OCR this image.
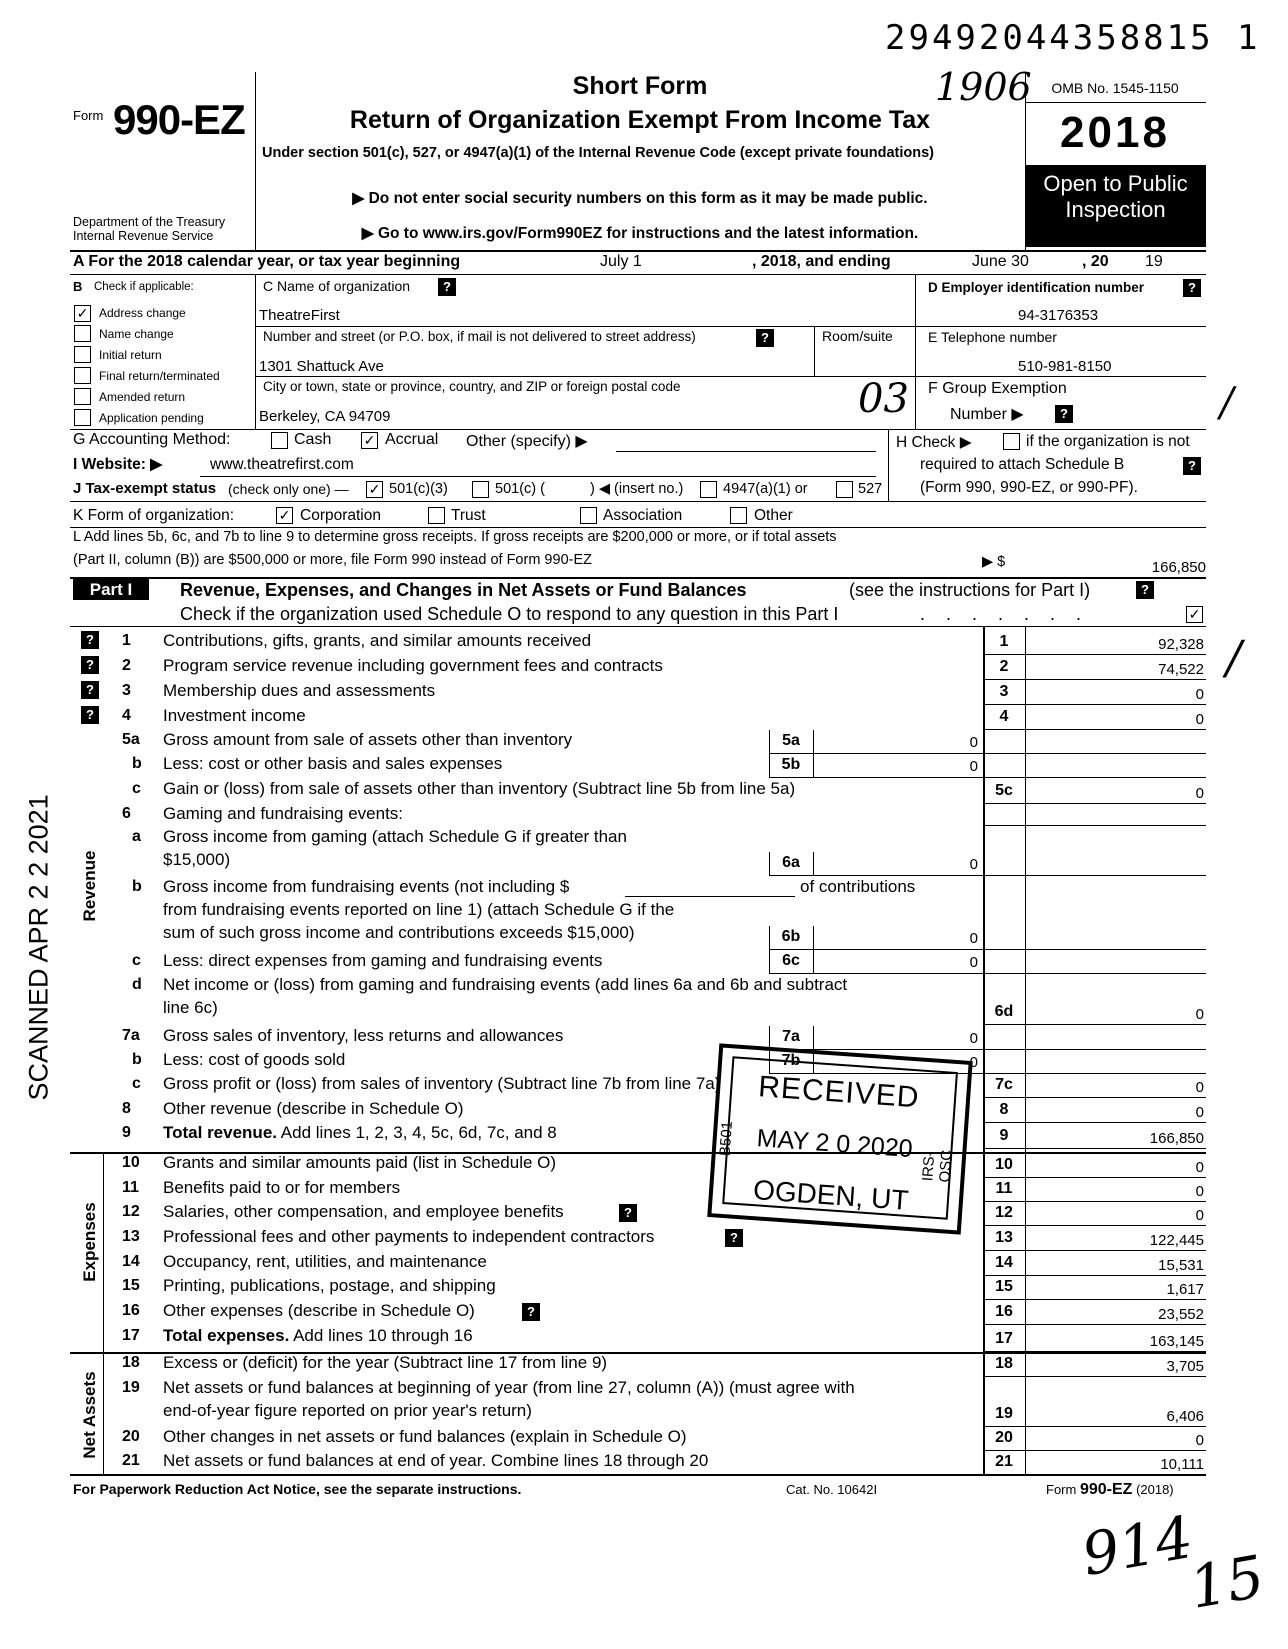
29492044358815 1
1906
Form 990-EZ
Department of the Treasury
Internal Revenue Service
Short Form
Return of Organization Exempt From Income Tax
Under section 501(c), 527, or 4947(a)(1) of the Internal Revenue Code (except private foundations)
▶ Do not enter social security numbers on this form as it may be made public.
▶ Go to www.irs.gov/Form990EZ for instructions and the latest information.
OMB No. 1545-1150
2018
Open to Public
Inspection
A For the 2018 calendar year, or tax year beginning	July 1	, 2018, and ending	June 30	, 20 19
B Check if applicable:
✓ Address change
Name change
Initial return
Final return/terminated
Amended return
Application pending
C Name of organization	?
TheatreFirst
Number and street (or P.O. box, if mail is not delivered to street address)	?	Room/suite
1301 Shattuck Ave
City or town, state or province, country, and ZIP or foreign postal code	03
Berkeley, CA 94709
D Employer identification number	?
94-3176353
E Telephone number
510-981-8150
F Group Exemption
Number ▶	?	/
G Accounting Method:	Cash ✓ Accrual Other (specify) ▶	H Check ▶	if the organization is not
required to attach Schedule B	?
(Form 990, 990-EZ, or 990-PF).
I Website: ▶	www.theatrefirst.com
J Tax-exempt status (check only one) — ✓ 501(c)(3)	501(c) (	) ◀ (insert no.)	4947(a)(1) or	527
K Form of organization:	✓ Corporation	Trust	Association	Other
L Add lines 5b, 6c, and 7b to line 9 to determine gross receipts. If gross receipts are $200,000 or more, or if total assets
(Part II, column (B)) are $500,000 or more, file Form 990 instead of Form 990-EZ	▶ $	166,850
Part I	Revenue, Expenses, and Changes in Net Assets or Fund Balances	(see the instructions for Part I)	?
Check if the organization used Schedule O to respond to any question in this Part I	. . . . . . .	✓
Revenue
Expenses
Net Assets
SCANNED APR 2 2 2021
?
?
?
?
1 Contributions, gifts, grants, and similar amounts received	1	92,328
2 Program service revenue including government fees and contracts	2	74,522
3 Membership dues and assessments	3	0
4 Investment income	4	0
5a Gross amount from sale of assets other than inventory	5a	0
b Less: cost or other basis and sales expenses	5b	0
c Gain or (loss) from sale of assets other than inventory (Subtract line 5b from line 5a)	5c	0
6 Gaming and fundraising events:
a Gross income from gaming (attach Schedule G if greater than
$15,000)	6a	0
b Gross income from fundraising events (not including $	of contributions
from fundraising events reported on line 1) (attach Schedule G if the
sum of such gross income and contributions exceeds $15,000)	6b	0
c Less: direct expenses from gaming and fundraising events	6c	0
d Net income or (loss) from gaming and fundraising events (add lines 6a and 6b and subtract
line 6c)	6d	0
7a Gross sales of inventory, less returns and allowances	7a	0
b Less: cost of goods sold	7b	0
c Gross profit or (loss) from sales of inventory (Subtract line 7b from line 7a)	7c	0
8 Other revenue (describe in Schedule O)	8	0
9 Total revenue. Add lines 1, 2, 3, 4, 5c, 6d, 7c, and 8	9	166,850
10 Grants and similar amounts paid (list in Schedule O)	10	0
11 Benefits paid to or for members	11	0
12 Salaries, other compensation, and employee benefits	12	0
13 Professional fees and other payments to independent contractors	13	122,445
14 Occupancy, rent, utilities, and maintenance	14	15,531
15 Printing, publications, postage, and shipping	15	1,617
16 Other expenses (describe in Schedule O)	16	23,552
17 Total expenses. Add lines 10 through 16	17	163,145
18 Excess or (deficit) for the year (Subtract line 17 from line 9)	18	3,705
19 Net assets or fund balances at beginning of year (from line 27, column (A)) (must agree with
end-of-year figure reported on prior year's return)	19	6,406
20 Other changes in net assets or fund balances (explain in Schedule O)	20	0
21 Net assets or fund balances at end of year. Combine lines 18 through 20	21	10,111
?
?
?
/
RECEIVED
MAY 2 0 2020
OGDEN, UT
B501
IRS-OSC
For Paperwork Reduction Act Notice, see the separate instructions.	Cat. No. 10642I	Form 990-EZ (2018)
914
15
